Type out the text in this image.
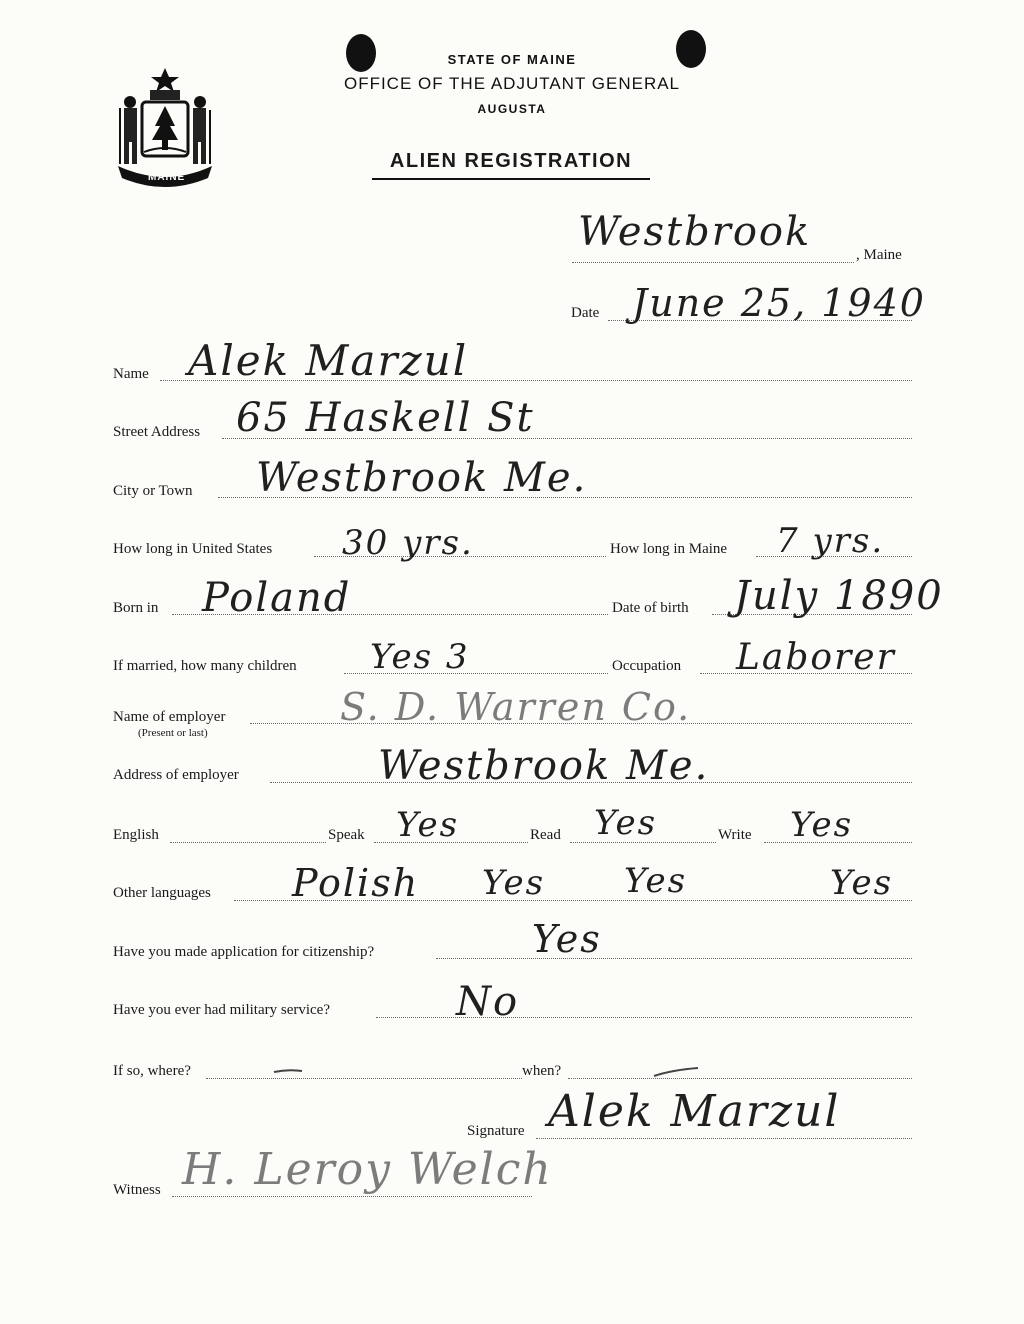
MAINE
STATE OF MAINE
OFFICE OF THE ADJUTANT GENERAL
AUGUSTA
ALIEN REGISTRATION
Westbrook	, Maine
Date June 25, 1940
Name Alek Marzul
Street Address 65 Haskell St
City or Town Westbrook Me.
How long in United States 30 yrs.	How long in Maine 7 yrs.
Born in Poland	Date of birth July 1890
If married, how many children Yes 3	Occupation Laborer
Name of employer
(Present or last)
S. D. Warren Co.
Address of employer	Westbrook Me.
English	Speak Yes	Read Yes	Write Yes
Other languages Polish Yes Yes	Yes
Have you made application for citizenship?	Yes
Have you ever had military service?	No
If so, where?	when?
Signature Alek Marzul
Witness H. Leroy Welch
